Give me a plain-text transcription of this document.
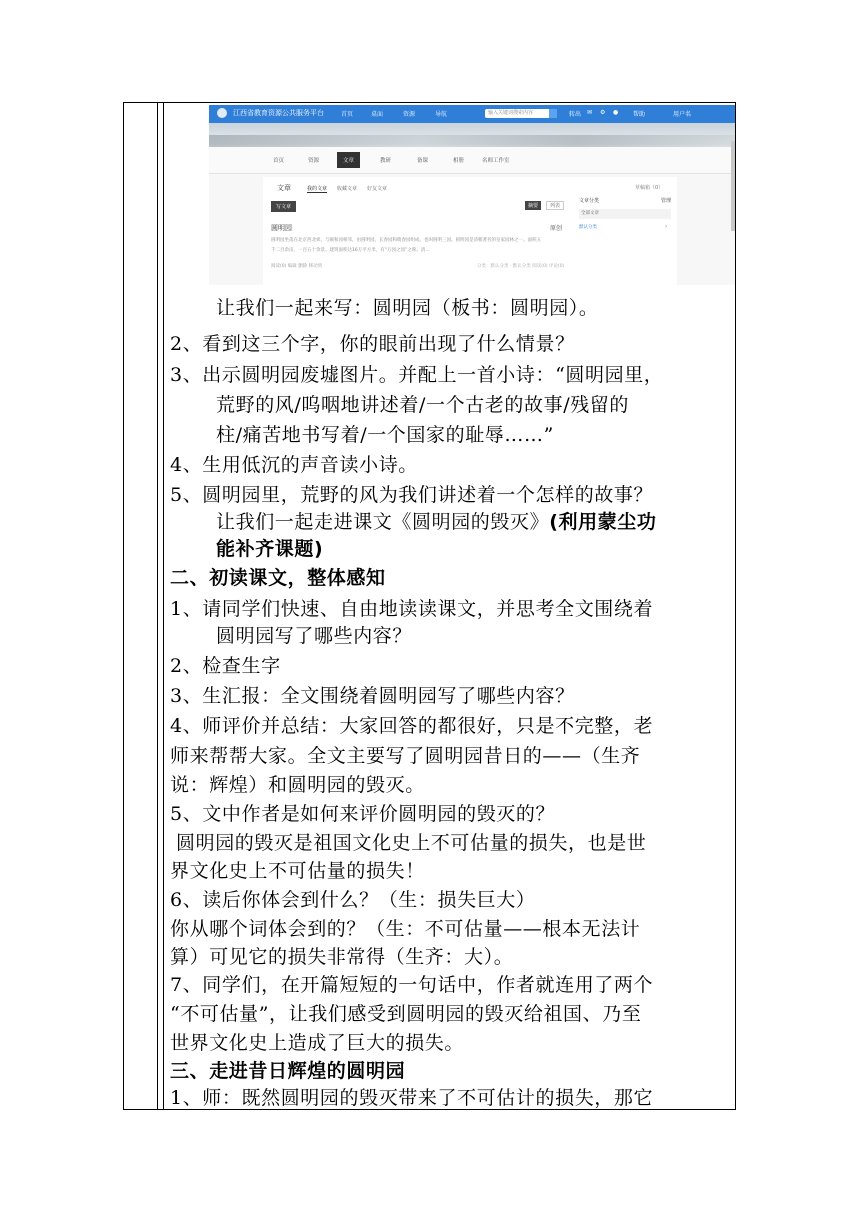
江西省教育资源公共服务平台	首页	桌面	资源	导航	输入关键词搜索内容	转出 ✉ ⚙ ● 帮助	用户名
首页	资源	文章	教研	备课	相册	名师工作室
文章	我的文章 收藏文章 好友文章	草稿箱（0）
写文章	摘要	列表
圆明园	原创
圆明园坐落在北京西北郊，与颐和园相邻，由圆明园、长春园和绮春园组成，也叫圆明三园。圆明园是清朝著名的皇家园林之一。面积五
千二百余亩，一百五十余景。建筑面积达16万平方米，有“万园之园”之称。清...
阅读(0) 编辑 删除 移动到	分类：默认分类 · 默认分类 阅读(0) 评论(0)
文章分类	管理
全部文章
默认分类	›
让我们一起来写：圆明园（板书：圆明园）。
2、看到这三个字，你的眼前出现了什么情景？
3、出示圆明园废墟图片。并配上一首小诗：“圆明园里，
荒野的风/呜咽地讲述着/一个古老的故事/残留的
柱/痛苦地书写着/一个国家的耻辱……”
4、生用低沉的声音读小诗。
5、圆明园里，荒野的风为我们讲述着一个怎样的故事？
让我们一起走进课文《圆明园的毁灭》(利用蒙尘功
能补齐课题)
二、初读课文，整体感知
1、请同学们快速、自由地读读课文，并思考全文围绕着
圆明园写了哪些内容？
2、检查生字
3、生汇报：全文围绕着圆明园写了哪些内容？
4、师评价并总结：大家回答的都很好，只是不完整，老
师来帮帮大家。全文主要写了圆明园昔日的——（生齐
说：辉煌）和圆明园的毁灭。
5、文中作者是如何来评价圆明园的毁灭的？
圆明园的毁灭是祖国文化史上不可估量的损失，也是世
界文化史上不可估量的损失！
6、读后你体会到什么？（生：损失巨大）
你从哪个词体会到的？（生：不可估量——根本无法计
算）可见它的损失非常得（生齐：大）。
7、同学们，在开篇短短的一句话中，作者就连用了两个
“不可估量”，让我们感受到圆明园的毁灭给祖国、乃至
世界文化史上造成了巨大的损失。
三、走进昔日辉煌的圆明园
1、师：既然圆明园的毁灭带来了不可估计的损失，那它
